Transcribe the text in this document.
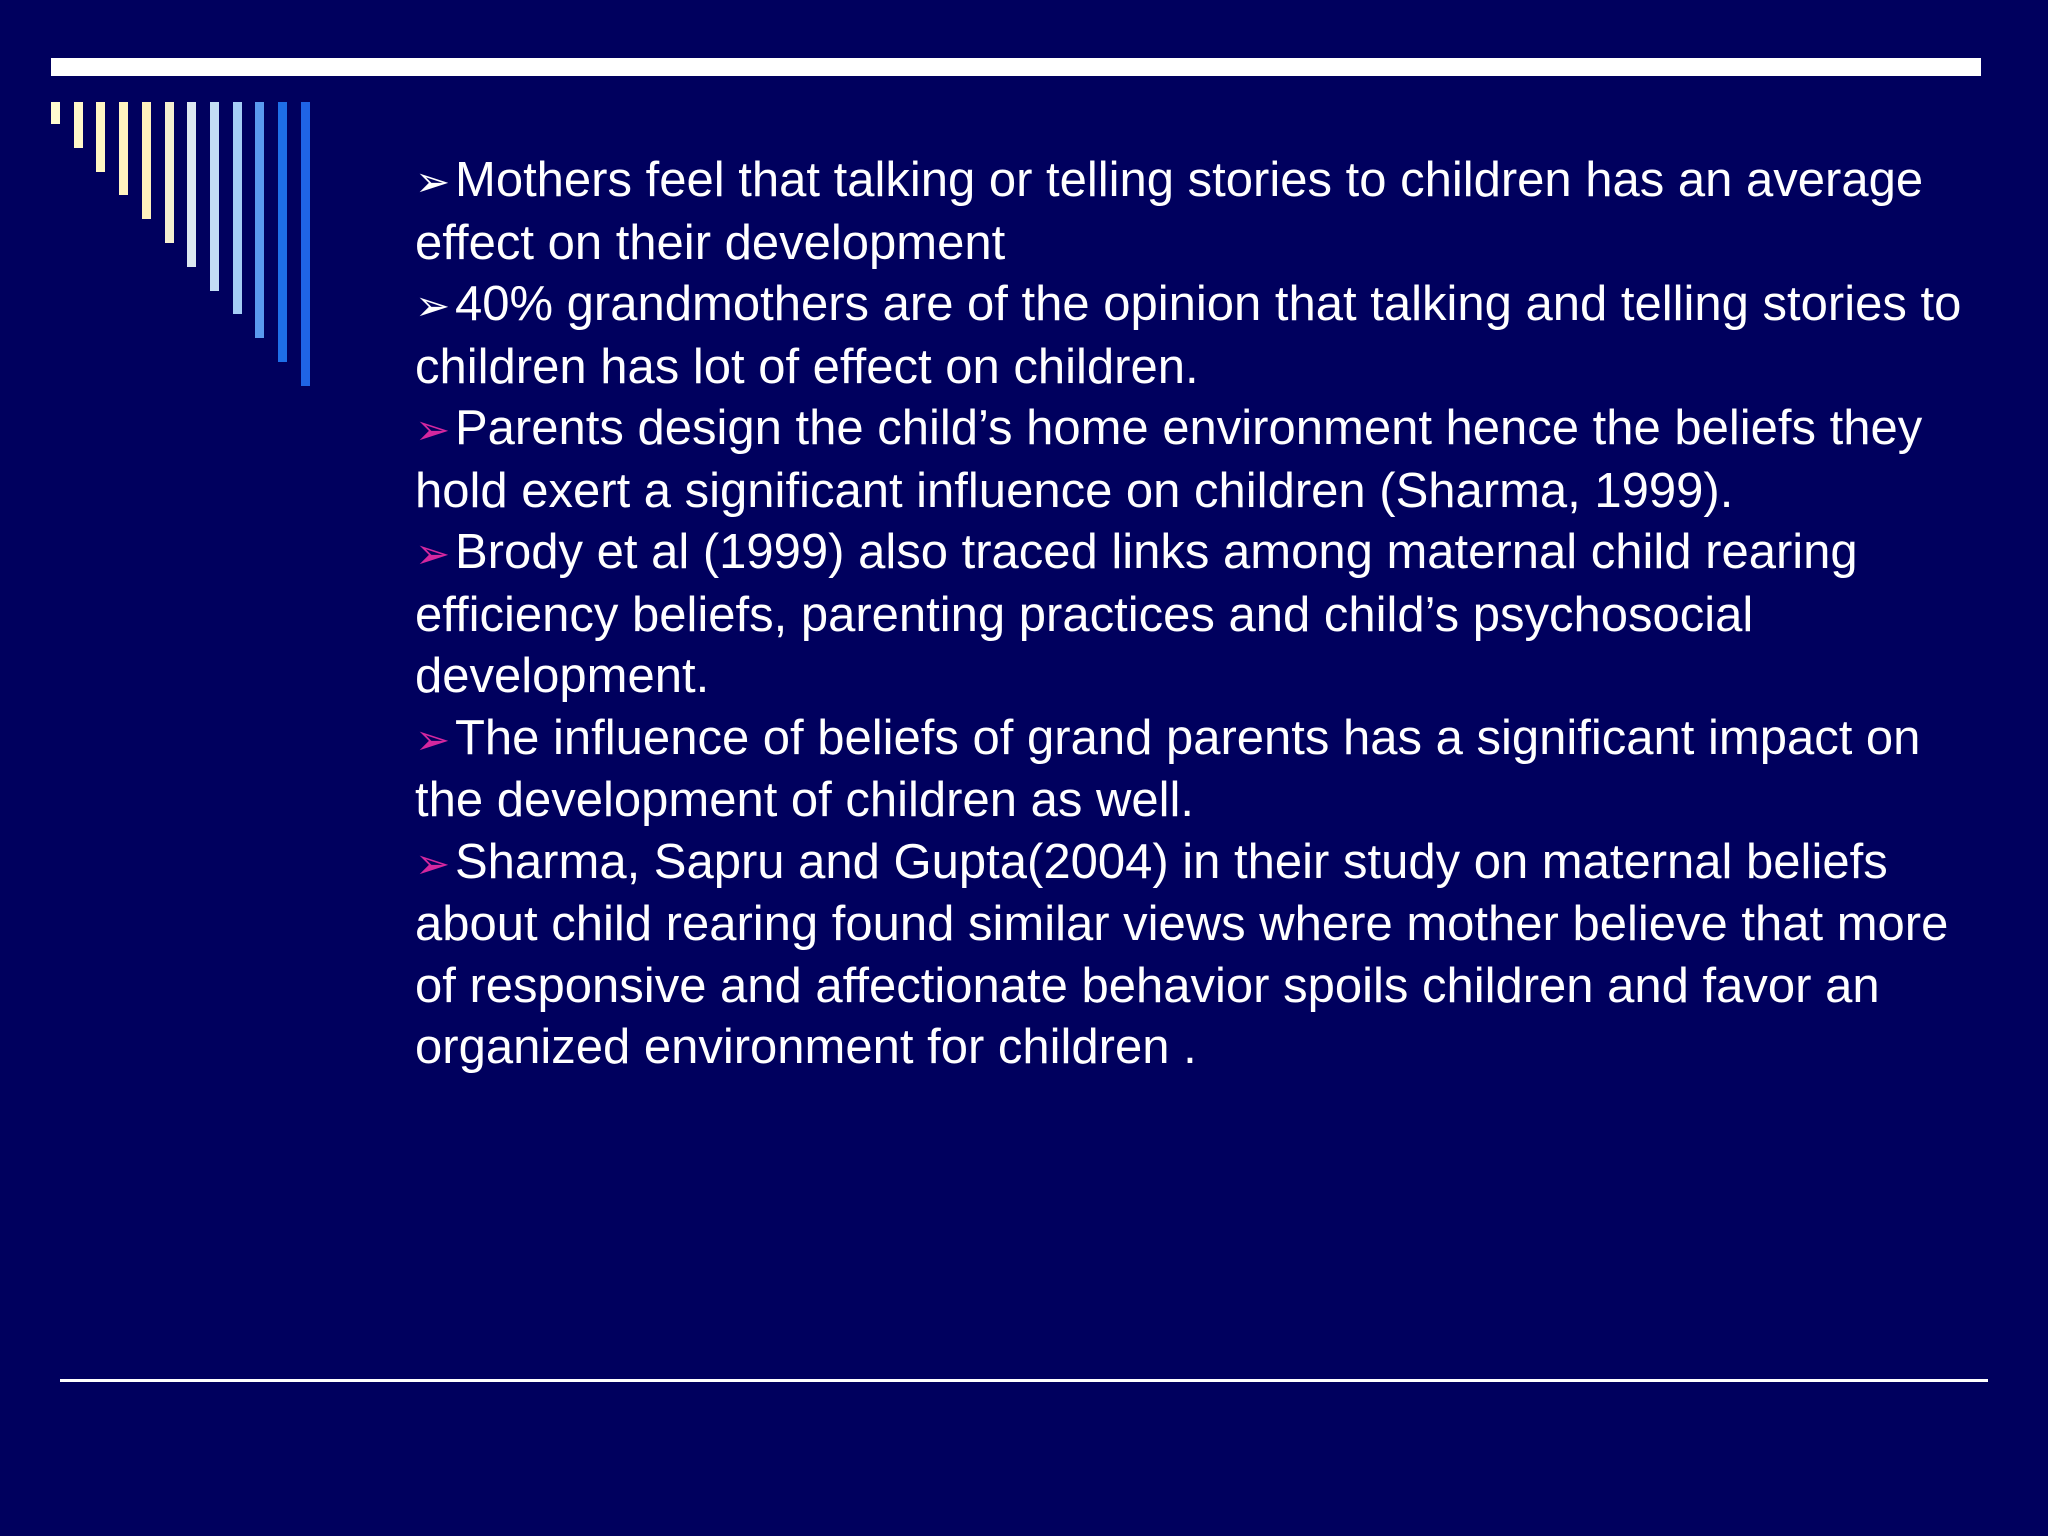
➢Mothers feel that talking or telling stories to children has an average effect on their development

➢40% grandmothers are of the opinion that talking and telling stories to children has lot of effect on children.

➢Parents design the child’s home environment hence the beliefs they hold exert a significant influence on children (Sharma, 1999).

➢Brody et al (1999) also traced links among maternal child rearing efficiency beliefs, parenting practices and child’s psychosocial development.

➢The influence of beliefs of grand parents has a significant impact on the development of children as well.

➢Sharma, Sapru and Gupta(2004) in their study on maternal beliefs about child rearing found similar views where mother believe that more of responsive and affectionate behavior spoils children and favor an organized environment for children .
